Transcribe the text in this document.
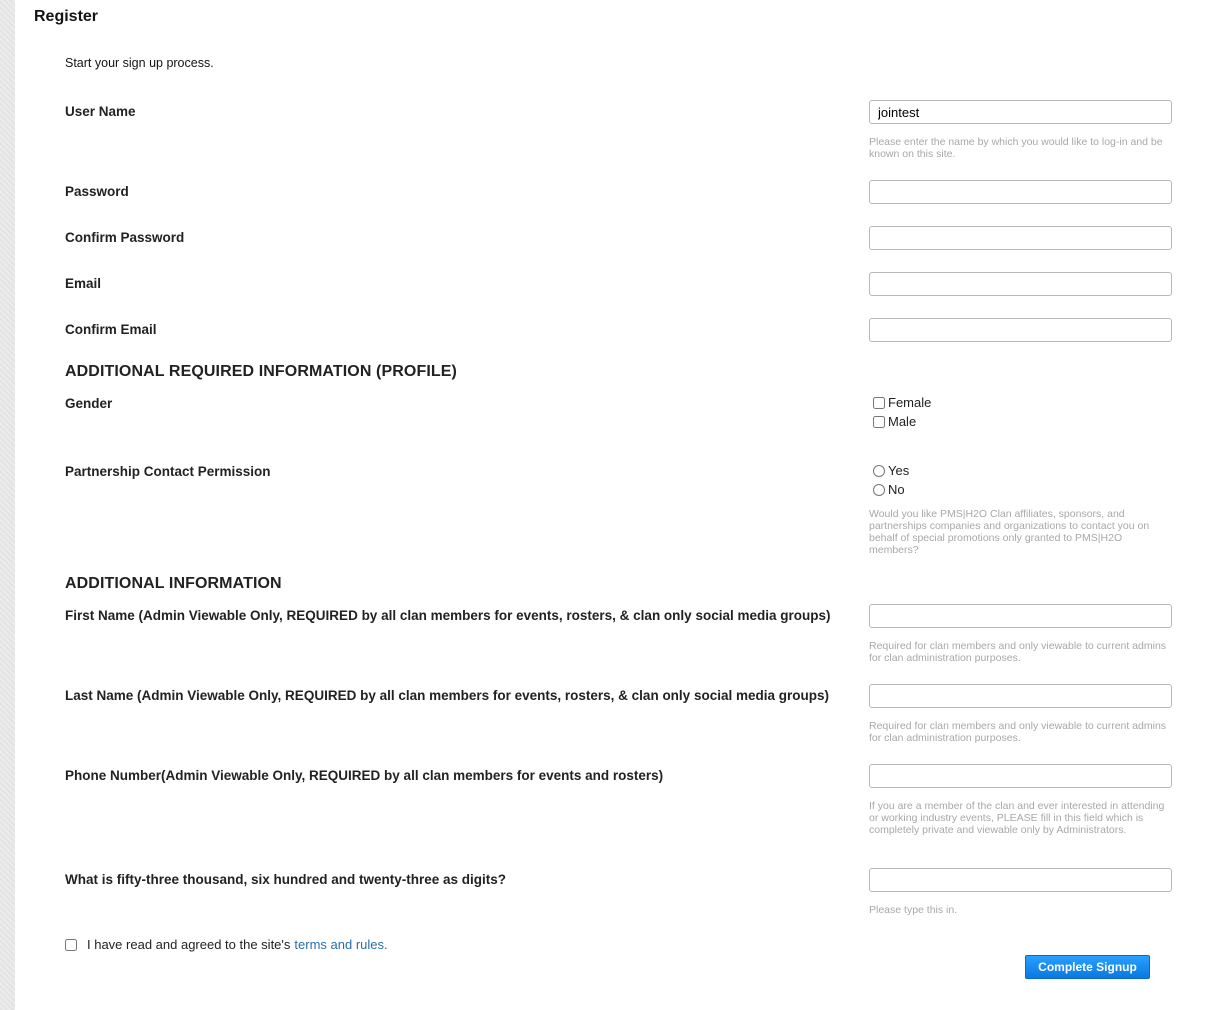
Register
Start your sign up process.
User Name
jointest
Please enter the name by which you would like to log-in and be known on this site.
Password
Confirm Password
Email
Confirm Email
ADDITIONAL REQUIRED INFORMATION (PROFILE)
Gender	Female
Male
Partnership Contact Permission	Yes
No
Would you like PMS|H2O Clan affiliates, sponsors, and partnerships companies and organizations to contact you on behalf of special promotions only granted to PMS|H2O members?
ADDITIONAL INFORMATION
First Name (Admin Viewable Only, REQUIRED by all clan members for events, rosters, & clan only social media groups)
Required for clan members and only viewable to current admins for clan administration purposes.
Last Name (Admin Viewable Only, REQUIRED by all clan members for events, rosters, & clan only social media groups)
Required for clan members and only viewable to current admins for clan administration purposes.
Phone Number(Admin Viewable Only, REQUIRED by all clan members for events and rosters)
If you are a member of the clan and ever interested in attending or working industry events, PLEASE fill in this field which is completely private and viewable only by Administrators.
What is fifty-three thousand, six hundred and twenty-three as digits?
Please type this in.
I have read and agreed to the site's terms and rules.
Complete Signup
